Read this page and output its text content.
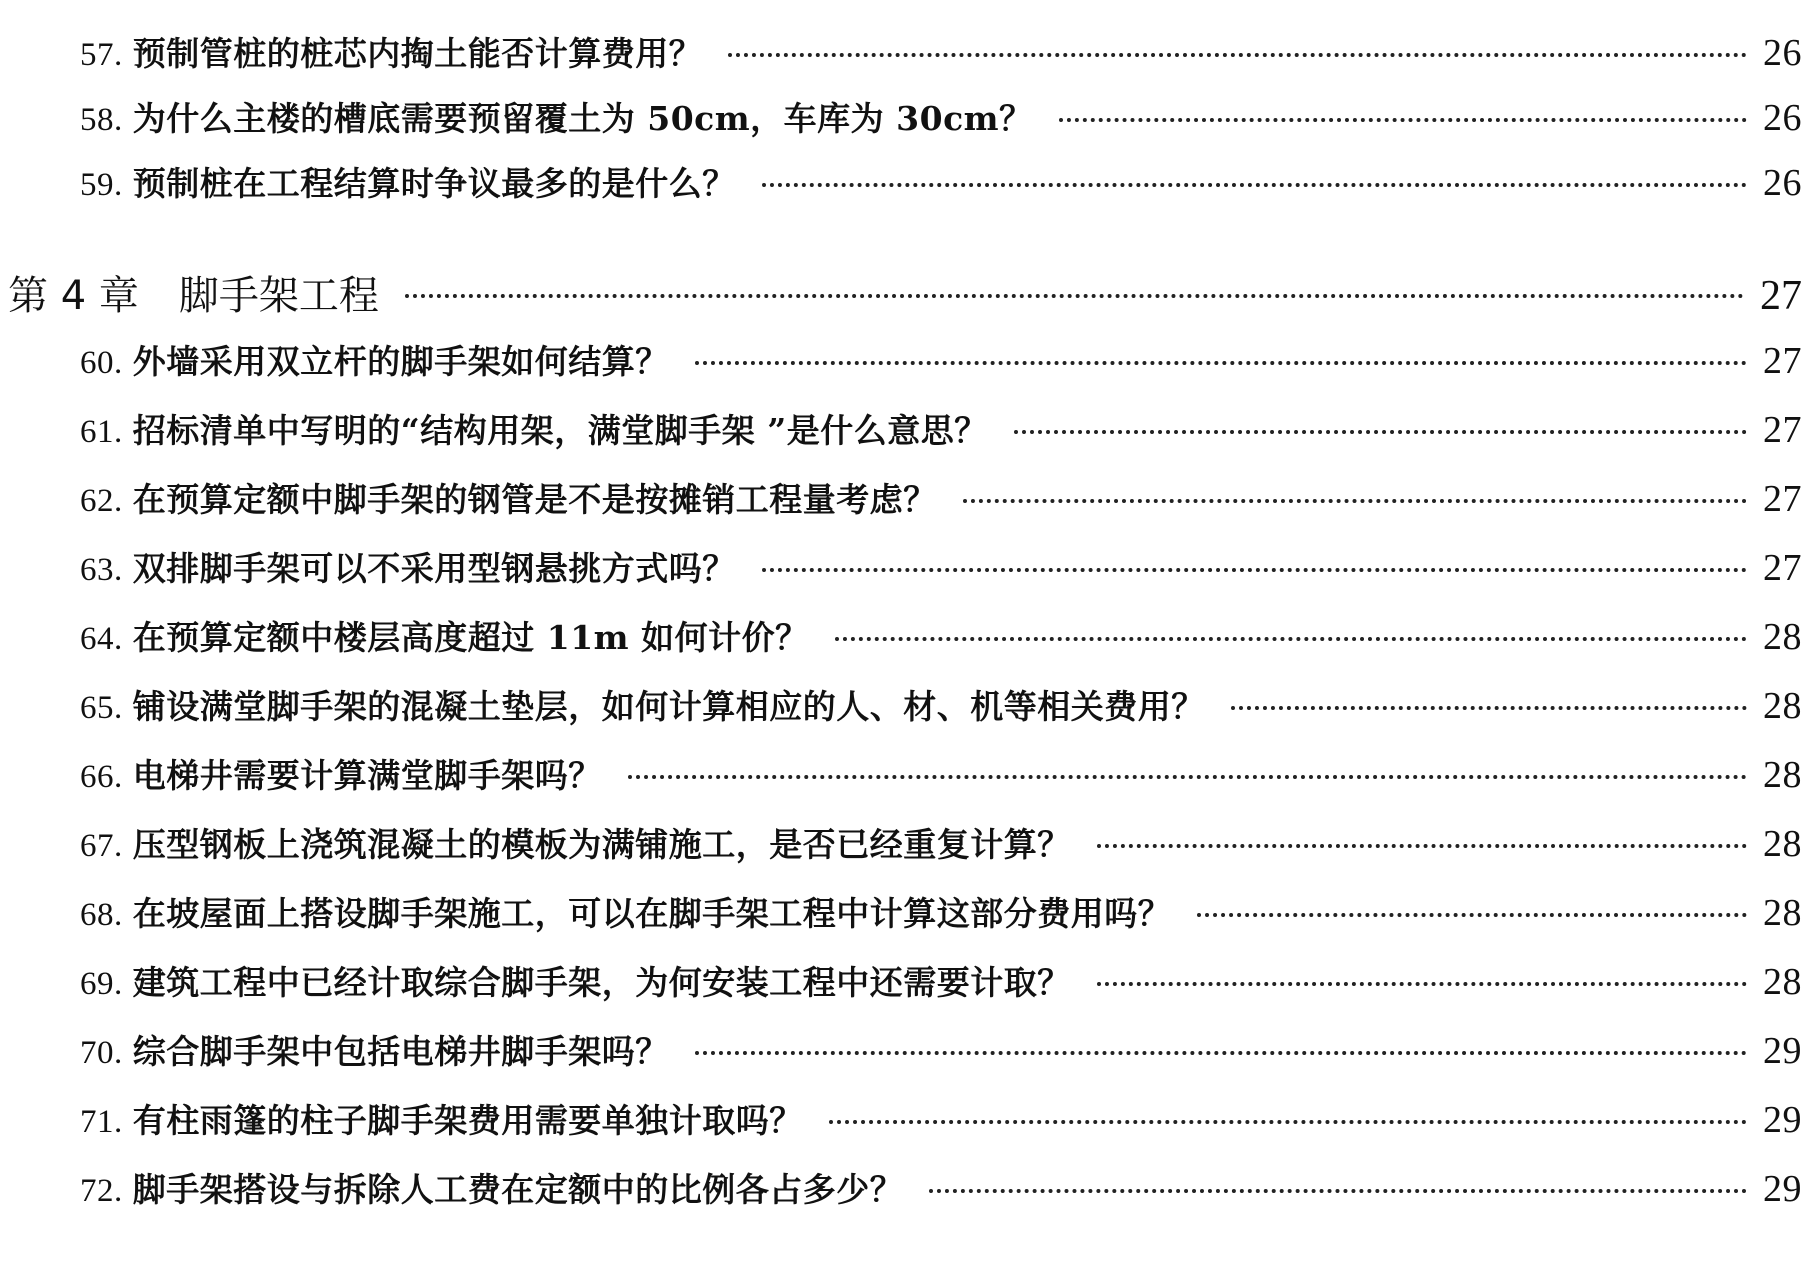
57. 预制管桩的桩芯内掏土能否计算费用？	26
58. 为什么主楼的槽底需要预留覆土为 50cm，车库为 30cm？	26
59. 预制桩在工程结算时争议最多的是什么？	26
第 4 章 脚手架工程	27
60. 外墙采用双立杆的脚手架如何结算？	27
61. 招标清单中写明的“结构用架，满堂脚手架 ”是什么意思？	27
62. 在预算定额中脚手架的钢管是不是按摊销工程量考虑？	27
63. 双排脚手架可以不采用型钢悬挑方式吗？	27
64. 在预算定额中楼层高度超过 11m 如何计价？	28
65. 铺设满堂脚手架的混凝土垫层，如何计算相应的人、材、机等相关费用？	28
66. 电梯井需要计算满堂脚手架吗？	28
67. 压型钢板上浇筑混凝土的模板为满铺施工，是否已经重复计算？	28
68. 在坡屋面上搭设脚手架施工，可以在脚手架工程中计算这部分费用吗？	28
69. 建筑工程中已经计取综合脚手架，为何安装工程中还需要计取？	28
70. 综合脚手架中包括电梯井脚手架吗？	29
71. 有柱雨篷的柱子脚手架费用需要单独计取吗？	29
72. 脚手架搭设与拆除人工费在定额中的比例各占多少？	29
